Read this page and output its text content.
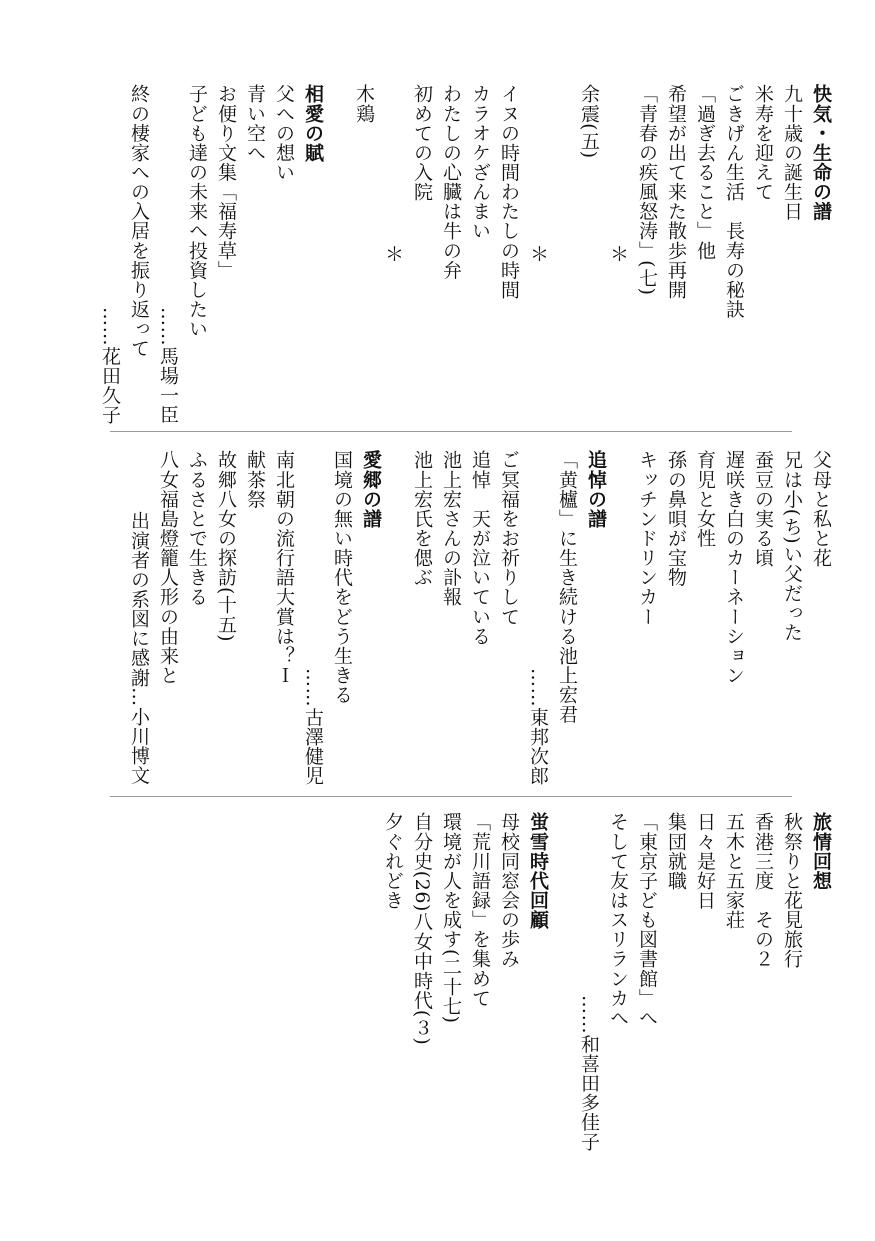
快気・生命の譜
九十歳の誕生日
米寿を迎えて
ごきげん生活　長寿の秘訣
「過ぎ去ること」他
希望が出て来た散歩再開
「青春の疾風怒涛」(七)
＊
余震(五)
＊
イヌの時間わたしの時間
カラオケざんまい
わたしの心臓は牛の弁
初めての入院
＊
木鶏
相愛の賦
父への想い
青い空へ
お便り文集「福寿草」
子ども達の未来へ投資したい
……馬場一臣
終の棲家への入居を振り返って
……花田久子
父母と私と花
兄は小(ち)い父だった
蚕豆の実る頃
遅咲き白のカーネーション
育児と女性
孫の鼻唄が宝物
キッチンドリンカー
追悼の譜
「黄櫨」に生き続ける池上宏君
……東邦次郎
ご冥福をお祈りして
追悼　天が泣いている
池上宏さんの訃報
池上宏氏を偲ぶ
愛郷の譜
国境の無い時代をどう生きる
……古澤健児
南北朝の流行語大賞は？Ｉ
献茶祭
故郷八女の探訪(十五)
ふるさとで生きる
八女福島燈籠人形の由来と
出演者の系図に感謝…小川博文
旅情回想
秋祭りと花見旅行
香港三度　その２
五木と五家荘
日々是好日
集団就職
「東京子ども図書館」へ
そして友はスリランカへ
……和喜田多佳子
蛍雪時代回顧
母校同窓会の歩み
「荒川語録」を集めて
環境が人を成す(二十七)
自分史(26)八女中時代(３)
夕ぐれどき
